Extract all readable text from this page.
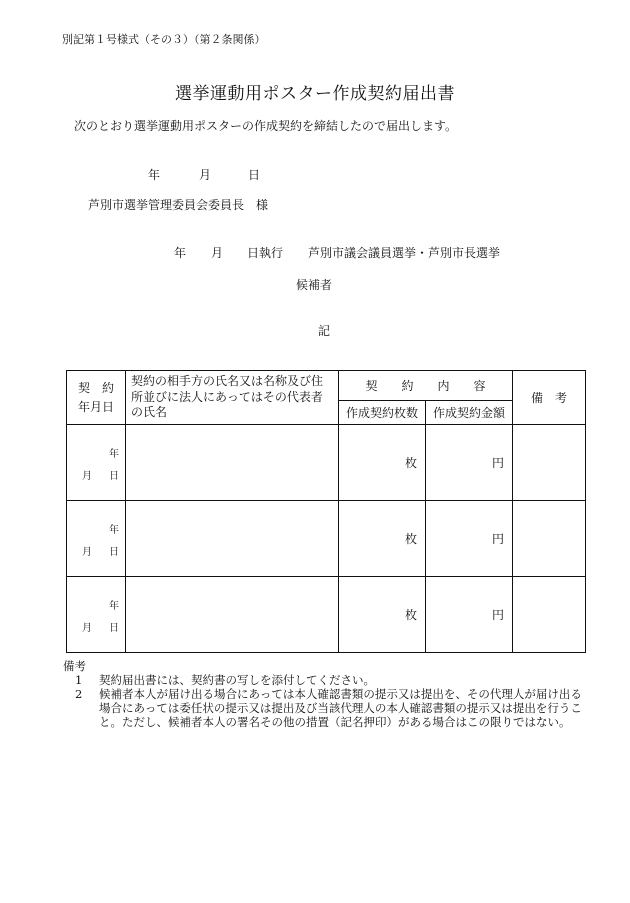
別記第１号様式（その３）（第２条関係）
選挙運動用ポスター作成契約届出書
次のとおり選挙運動用ポスターの作成契約を締結したので届出します。
年	月	日
芦別市選挙管理委員会委員長　様
年 月 日執行 芦別市議会議員選挙・芦別市長選挙
候補者
記
契　約
年月日	契約の相手方の氏名又は名称及び住所並びに法人にあってはその代表者の氏名	契　　約　　内　　容		備　考
		作成契約枚数	作成契約金額	

年
月 日		枚	円	

年
月 日		枚	円	

年
月 日		枚	円	
備考
1	契約届出書には、契約書の写しを添付してください。
2	候補者本人が届け出る場合にあっては本人確認書類の提示又は提出を、その代理人が届け出る場合にあっては委任状の提示又は提出及び当該代理人の本人確認書類の提示又は提出を行うこと。ただし、候補者本人の署名その他の措置（記名押印）がある場合はこの限りではない。
